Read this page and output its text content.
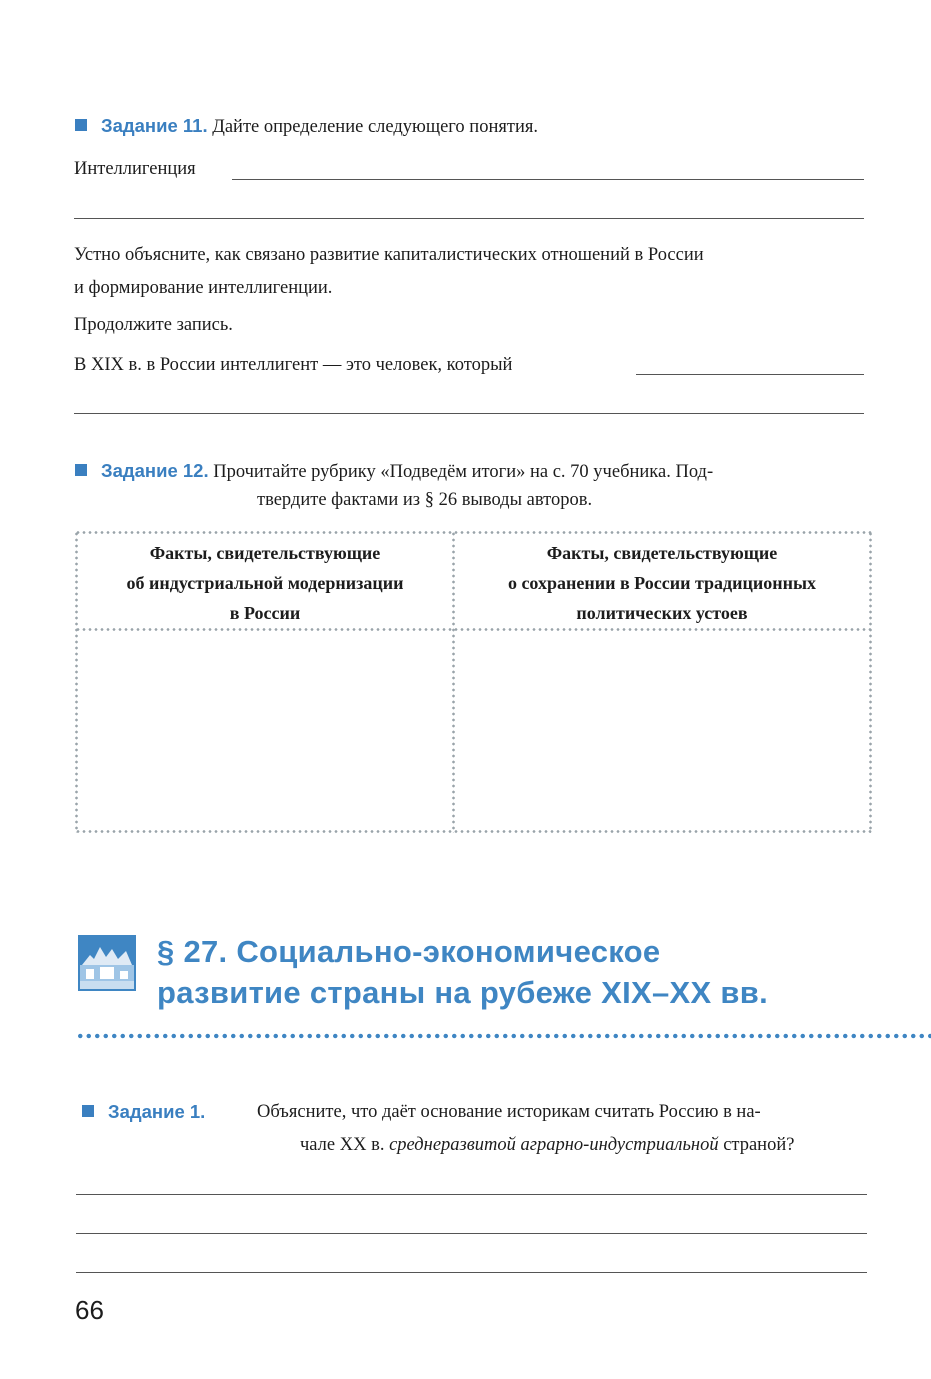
Задание 11. Дайте определение следующего понятия.
Интеллигенция
Устно объясните, как связано развитие капиталистических отношений в России
и формирование интеллигенции.
Продолжите запись.
В XIX в. в России интеллигент — это человек, который
Задание 12. Прочитайте рубрику «Подведём итоги» на с. 70 учебника. Под-
твердите фактами из § 26 выводы авторов.
Факты, свидетельствующие
об индустриальной модернизации
в России
Факты, свидетельствующие
о сохранении в России традиционных
политических устоев
§ 27. Социально-экономическое
развитие страны на рубеже XIX–XX вв.
Задание 1.	Объясните, что даёт основание историкам считать Россию в на-
чале XX в. среднеразвитой аграрно-индустриальной страной?
66
